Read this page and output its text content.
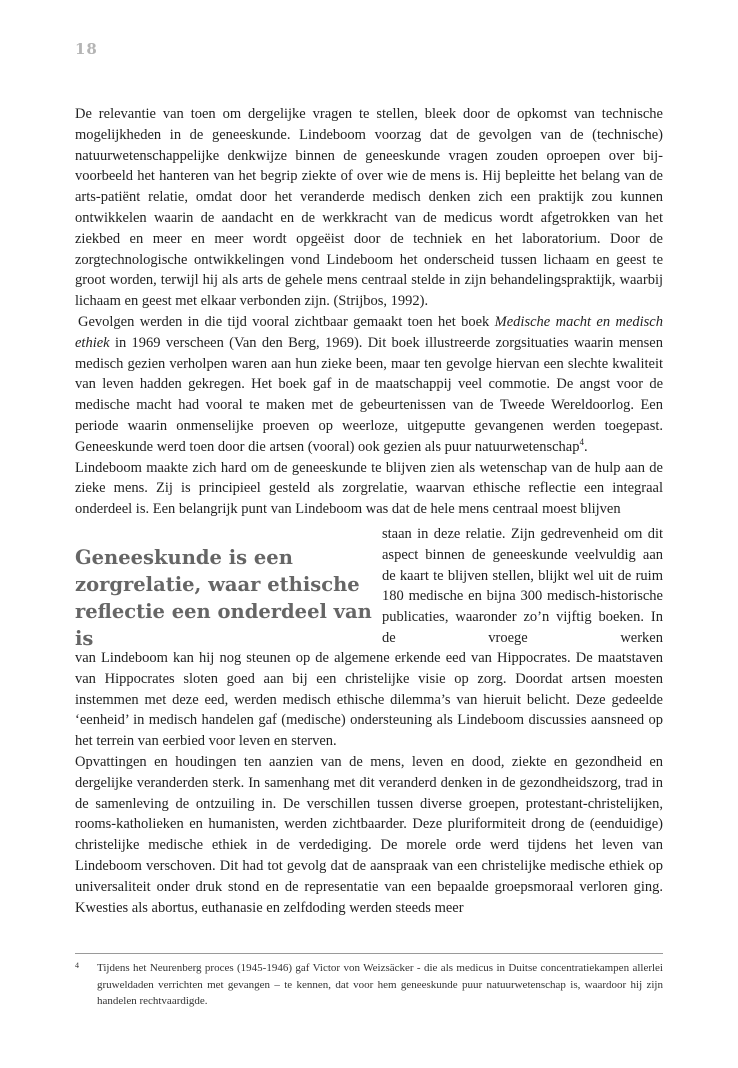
18

De relevantie van toen om dergelijke vragen te stellen, bleek door de opkomst van technische mogelijkheden in de geneeskunde. Lindeboom voorzag dat de gevolgen van de (technische) natuurwetenschappelijke denkwijze binnen de geneeskunde vragen zouden oproepen over bijvoorbeeld het hanteren van het begrip ziekte of over wie de mens is. Hij bepleitte het belang van de arts-patiënt relatie, omdat door het veranderde medisch denken zich een praktijk zou kunnen ontwikkelen waarin de aandacht en de werkkracht van de medicus wordt afgetrokken van het ziekbed en meer en meer wordt opgeëist door de techniek en het laboratorium. Door de zorgtechnologische ontwikkelingen vond Lindeboom het onderscheid tussen lichaam en geest te groot worden, terwijl hij als arts de gehele mens centraal stelde in zijn behandelingspraktijk, waarbij lichaam en geest met elkaar verbonden zijn. (Strijbos, 1992).

Gevolgen werden in die tijd vooral zichtbaar gemaakt toen het boek Medische macht en medisch ethiek in 1969 verscheen (Van den Berg, 1969). Dit boek illustreerde zorgsituaties waarin mensen medisch gezien verholpen waren aan hun zieke been, maar ten gevolge hiervan een slechte kwaliteit van leven hadden gekregen. Het boek gaf in de maatschappij veel commotie. De angst voor de medische macht had vooral te maken met de gebeurtenissen van de Tweede Wereldoorlog. Een periode waarin onmenselijke proeven op weerloze, uitgeputte gevangenen werden toegepast. Geneeskunde werd toen door die artsen (vooral) ook gezien als puur natuurwetenschap$^4$.

Lindeboom maakte zich hard om de geneeskunde te blijven zien als wetenschap van de hulp aan de zieke mens. Zij is principieel gesteld als zorgrelatie, waarvan ethische reflectie een integraal onderdeel is. Een belangrijk punt van Lindeboom was dat de hele mens centraal moest blijven

Geneeskunde is een zorgrelatie, waar ethische reflectie een onderdeel van is

staan in deze relatie. Zijn gedrevenheid om dit aspect binnen de geneeskunde veelvuldig aan de kaart te blijven stellen, blijkt wel uit de ruim 180 medische en bijna 300 medisch-historische publicaties, waaronder zo’n vijftig boeken. In de vroege werken

van Lindeboom kan hij nog steunen op de algemene erkende eed van Hippocrates. De maatstaven van Hippocrates sloten goed aan bij een christelijke visie op zorg. Doordat artsen moesten instemmen met deze eed, werden medisch ethische dilemma’s van hieruit belicht. Deze gedeelde ‘eenheid’ in medisch handelen gaf (medische) ondersteuning als Lindeboom discussies aansneed op het terrein van eerbied voor leven en sterven.

Opvattingen en houdingen ten aanzien van de mens, leven en dood, ziekte en gezondheid en dergelijke veranderden sterk. In samenhang met dit veranderd denken in de gezondheidszorg, trad in de samenleving de ontzuiling in. De verschillen tussen diverse groepen, protestant-christelijken, rooms-katholieken en humanisten, werden zichtbaarder. Deze pluriformiteit drong de (eenduidige) christelijke medische ethiek in de verdediging. De morele orde werd tijdens het leven van Lindeboom verschoven. Dit had tot gevolg dat de aanspraak van een christelijke medische ethiek op universaliteit onder druk stond en de representatie van een bepaalde groepsmoraal verloren ging. Kwesties als abortus, euthanasie en zelfdoding werden steeds meer

4 Tijdens het Neurenberg proces (1945-1946) gaf Victor von Weizsäcker - die als medicus in Duitse concentratiekampen allerlei gruweldaden verrichten met gevangen – te kennen, dat voor hem geneeskunde puur natuurwetenschap is, waardoor hij zijn handelen rechtvaardigde.
